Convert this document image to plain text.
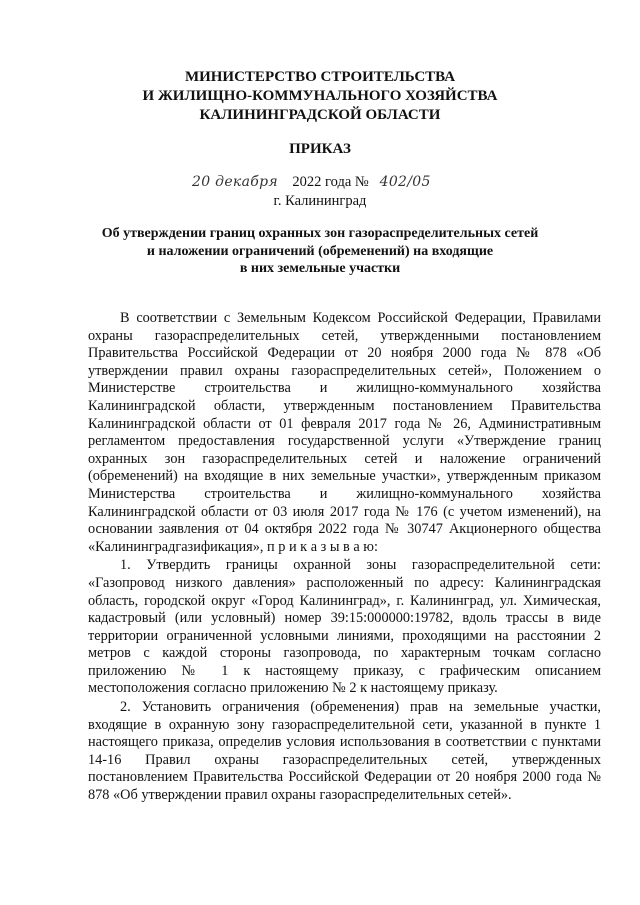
МИНИСТЕРСТВО СТРОИТЕЛЬСТВА
И ЖИЛИЩНО-КОММУНАЛЬНОГО ХОЗЯЙСТВА
КАЛИНИНГРАДСКОЙ ОБЛАСТИ
ПРИКАЗ
20 декабря 2022 года № 402/05
г. Калининград
Об утверждении границ охранных зон газораспределительных сетей
и наложении ограничений (обременений) на входящие
в них земельные участки

В соответствии с Земельным Кодексом Российской Федерации, Правилами охраны газораспределительных сетей, утвержденными постановлением Правительства Российской Федерации от 20 ноября 2000 года № 878 «Об утверждении правил охраны газораспределительных сетей», Положением о Министерстве строительства и жилищно-коммунального хозяйства Калининградской области, утвержденным постановлением Правительства Калининградской области от 01 февраля 2017 года № 26, Административным регламентом предоставления государственной услуги «Утверждение границ охранных зон газораспределительных сетей и наложение ограничений (обременений) на входящие в них земельные участки», утвержденным приказом Министерства строительства и жилищно-коммунального хозяйства Калининградской области от 03 июля 2017 года № 176 (с учетом изменений), на основании заявления от 04 октября 2022 года № 30747 Акционерного общества «Калининградгазификация», п р и к а з ы в а ю:

1. Утвердить границы охранной зоны газораспределительной сети: «Газопровод низкого давления» расположенный по адресу: Калининградская область, городской округ «Город Калининград», г. Калининград, ул. Химическая, кадастровый (или условный) номер 39:15:000000:19782, вдоль трассы в виде территории ограниченной условными линиями, проходящими на расстоянии 2 метров с каждой стороны газопровода, по характерным точкам согласно приложению № 1 к настоящему приказу, с графическим описанием местоположения согласно приложению № 2 к настоящему приказу.

2. Установить ограничения (обременения) прав на земельные участки, входящие в охранную зону газораспределительной сети, указанной в пункте 1 настоящего приказа, определив условия использования в соответствии с пунктами 14-16 Правил охраны газораспределительных сетей, утвержденных постановлением Правительства Российской Федерации от 20 ноября 2000 года № 878 «Об утверждении правил охраны газораспределительных сетей».
